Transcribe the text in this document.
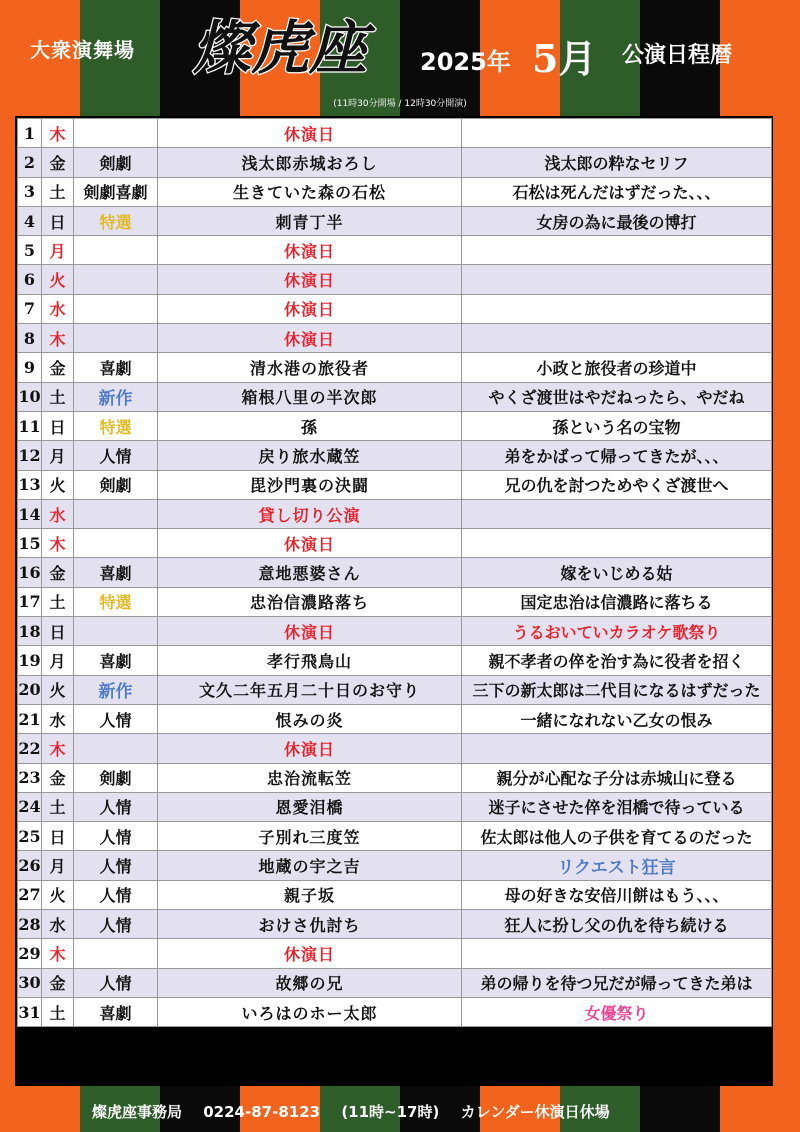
大衆演舞場 燦虎座	2025年 5月 公演日程暦
(11時30分開場 / 12時30分開演)
1	木		休演日	
2	金	剣劇	浅太郎赤城おろし	浅太郎の粋なセリフ
3	土	剣劇喜劇	生きていた森の石松	石松は死んだはずだった、、、
4	日	特選	刺青丁半	女房の為に最後の博打
5	月		休演日	
6	火		休演日	
7	水		休演日	
8	木		休演日	
9	金	喜劇	清水港の旅役者	小政と旅役者の珍道中
10	土	新作	箱根八里の半次郎	やくざ渡世はやだねったら、やだね
11	日	特選	孫	孫という名の宝物
12	月	人情	戻り旅水蔵笠	弟をかばって帰ってきたが、、、
13	火	剣劇	毘沙門裏の決闘	兄の仇を討つためやくざ渡世へ
14	水		貸し切り公演	
15	木		休演日	
16	金	喜劇	意地悪婆さん	嫁をいじめる姑
17	土	特選	忠治信濃路落ち	国定忠治は信濃路に落ちる
18	日		休演日	うるおいていカラオケ歌祭り
19	月	喜劇	孝行飛鳥山	親不孝者の倅を治す為に役者を招く
20	火	新作	文久二年五月二十日のお守り	三下の新太郎は二代目になるはずだった
21	水	人情	恨みの炎	一緒になれない乙女の恨み
22	木		休演日	
23	金	剣劇	忠治流転笠	親分が心配な子分は赤城山に登る
24	土	人情	恩愛泪橋	迷子にさせた倅を泪橋で待っている
25	日	人情	子別れ三度笠	佐太郎は他人の子供を育てるのだった
26	月	人情	地蔵の宇之吉	リクエスト狂言
27	火	人情	親子坂	母の好きな安倍川餅はもう、、、
28	水	人情	おけさ仇討ち	狂人に扮し父の仇を待ち続ける
29	木		休演日	
30	金	人情	故郷の兄	弟の帰りを待つ兄だが帰ってきた弟は
31	土	喜劇	いろはのホー太郎	女優祭り
燦虎座事務局 0224-87-8123 (11時~17時) カレンダー休演日休場
